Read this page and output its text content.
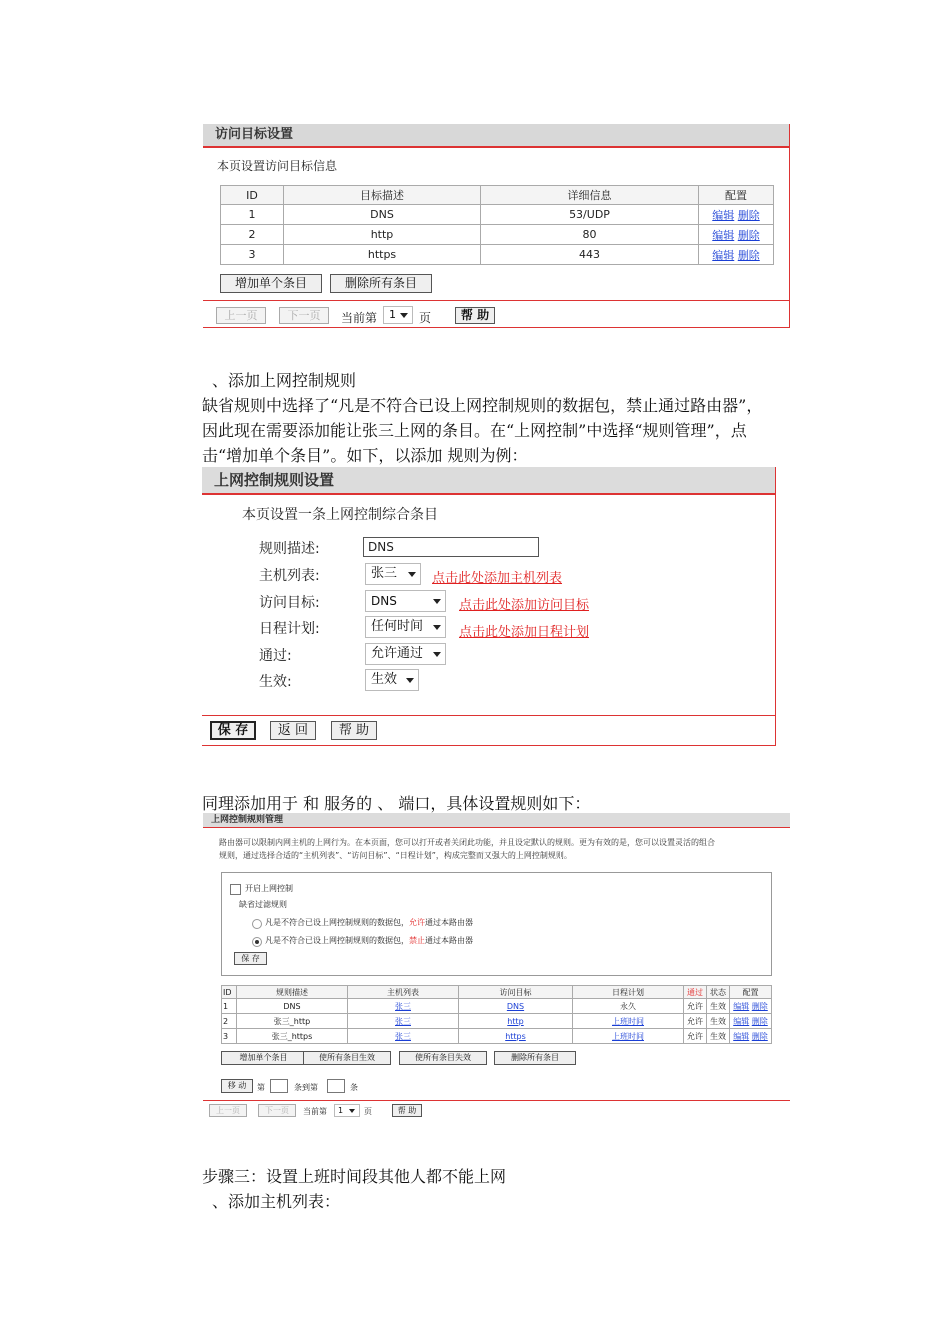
访问目标设置
本页设置访问目标信息
ID	目标描述	详细信息	配置
1	DNS	53/UDP	编辑 删除
2	http	80	编辑 删除
3	https	443	编辑 删除
增加单个条目	删除所有条目
上一页	下一页	当前第	1	页	帮 助
、添加上网控制规则
缺省规则中选择了“凡是不符合已设上网控制规则的数据包，禁止通过路由器”，
因此现在需要添加能让张三上网的条目。在“上网控制”中选择“规则管理”，点
击“增加单个条目”。如下，以添加 规则为例：
上网控制规则设置
本页设置一条上网控制综合条目
规则描述:	DNS
主机列表:	张三	点击此处添加主机列表
访问目标:	DNS	点击此处添加访问目标
日程计划:	任何时间	点击此处添加日程计划
通过:	允许通过
生效:	生效
保 存	返 回	帮 助
同理添加用于 和 服务的 、 端口，具体设置规则如下：
上网控制规则管理
路由器可以限制内网主机的上网行为。在本页面，您可以打开或者关闭此功能，并且设定默认的规则。更为有效的是，您可以设置灵活的组合
规则，通过选择合适的“主机列表”、“访问目标”、“日程计划”，构成完整而又强大的上网控制规则。
开启上网控制
缺省过滤规则
凡是不符合已设上网控制规则的数据包，允许通过本路由器
凡是不符合已设上网控制规则的数据包，禁止通过本路由器
保 存
ID	规则描述	主机列表	访问目标	日程计划	通过	状态	配置
1	DNS	张三	DNS	永久	允许	生效	编辑 删除
2	张三_http	张三	http	上班时间	允许	生效	编辑 删除
3	张三_https	张三	https	上班时间	允许	生效	编辑 删除
增加单个条目	使所有条目生效	使所有条目失效	删除所有条目
移 动	第	条到第	条
上一页	下一页	当前第	1	页	帮 助
步骤三：设置上班时间段其他人都不能上网
、添加主机列表：
